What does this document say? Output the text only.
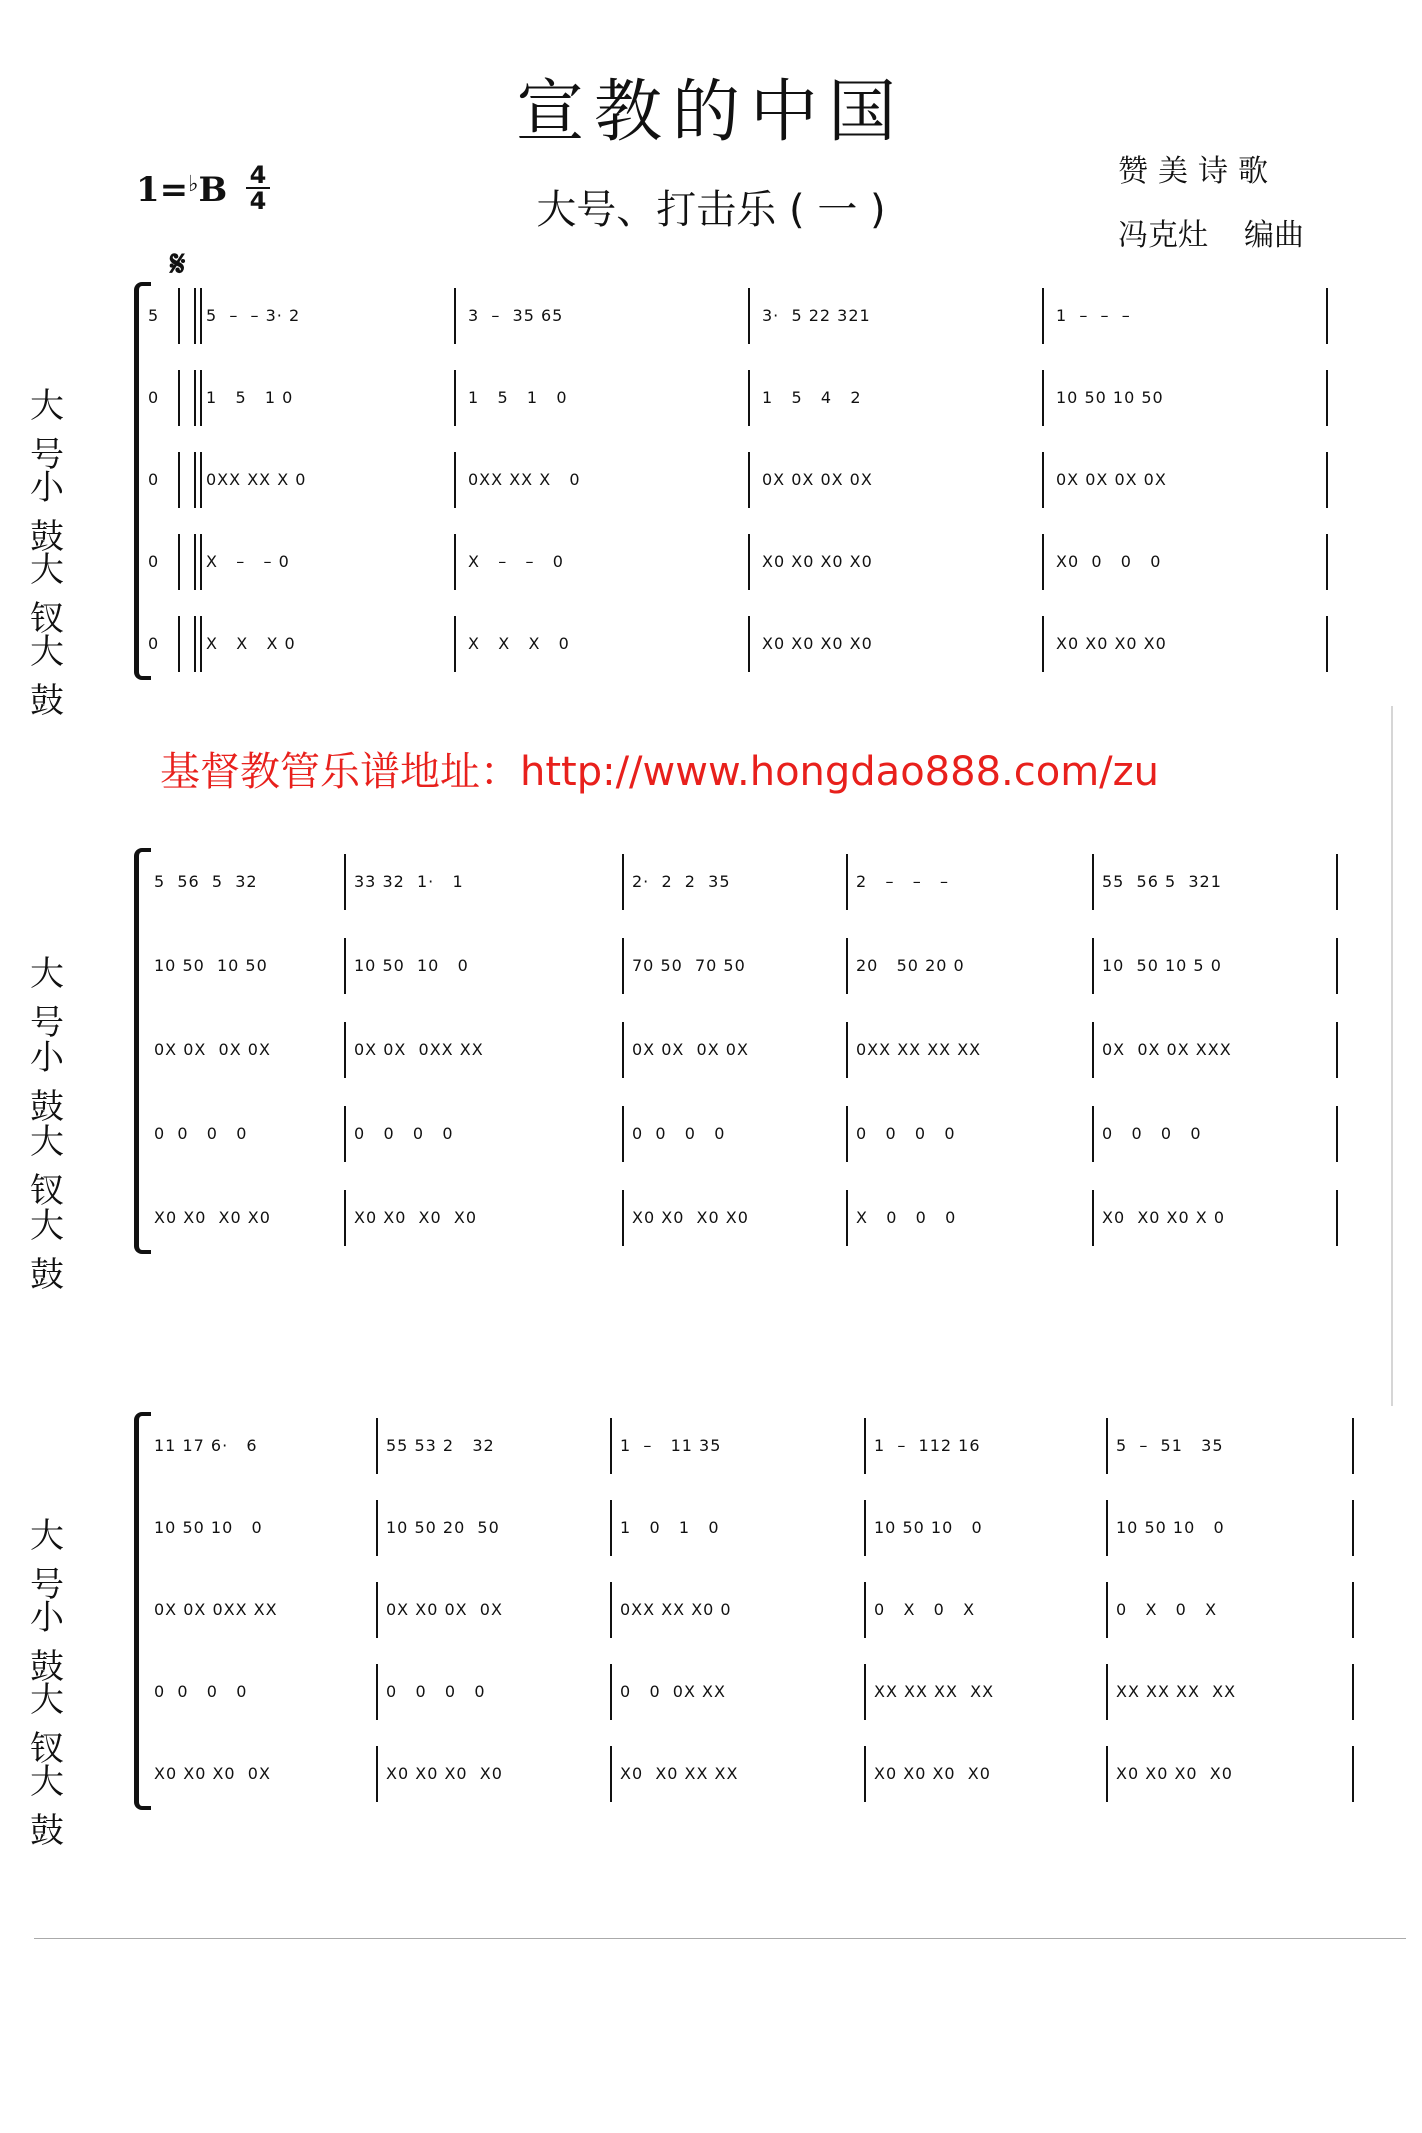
宣教的中国
1=♭B 4
4	大号、打击乐 ( 一 )
赞美诗歌
冯克灶 编曲
𝄋
基督教管乐谱地址：http://www.hongdao888.com/zu
5	5  –  – 3· 2	3  –  35 65	3·  5 22 321	1  –  –  –
大 号
0	1   5   1 0	1   5   1   0	1   5   4   2	10 50 10 50
小 鼓
0	0XX XX X 0	0XX XX X   0	0X 0X 0X 0X	0X 0X 0X 0X
大 钗
0	X   –   – 0	X   –   –   0	X0 X0 X0 X0	X0  0   0   0
大 鼓
0	X   X   X 0	X   X   X   0	X0 X0 X0 X0	X0 X0 X0 X0
5  56  5  32	33 32  1·   1	2·  2  2  35	2   –   –   –	55  56 5  321
大 号
10 50  10 50	10 50  10   0	70 50  70 50	20   50 20 0	10  50 10 5 0
小 鼓
0X 0X  0X 0X	0X 0X  0XX XX	0X 0X  0X 0X	0XX XX XX XX	0X  0X 0X XXX
大 钗
0  0   0   0	0   0   0   0	0  0   0   0	0   0   0   0	0   0   0   0
大 鼓
X0 X0  X0 X0	X0 X0  X0  X0	X0 X0  X0 X0	X   0   0   0	X0  X0 X0 X 0
11 17 6·   6	55 53 2   32	1  –   11 35	1  –  112 16	5  –  51   35
大 号
10 50 10   0	10 50 20  50	1   0   1   0	10 50 10   0	10 50 10   0
小 鼓
0X 0X 0XX XX	0X X0 0X  0X	0XX XX X0 0	0   X   0   X	0   X   0   X
大 钗
0  0   0   0	0   0   0   0	0   0  0X XX	XX XX XX  XX	XX XX XX  XX
大 鼓
X0 X0 X0  0X	X0 X0 X0  X0	X0  X0 XX XX	X0 X0 X0  X0	X0 X0 X0  X0
